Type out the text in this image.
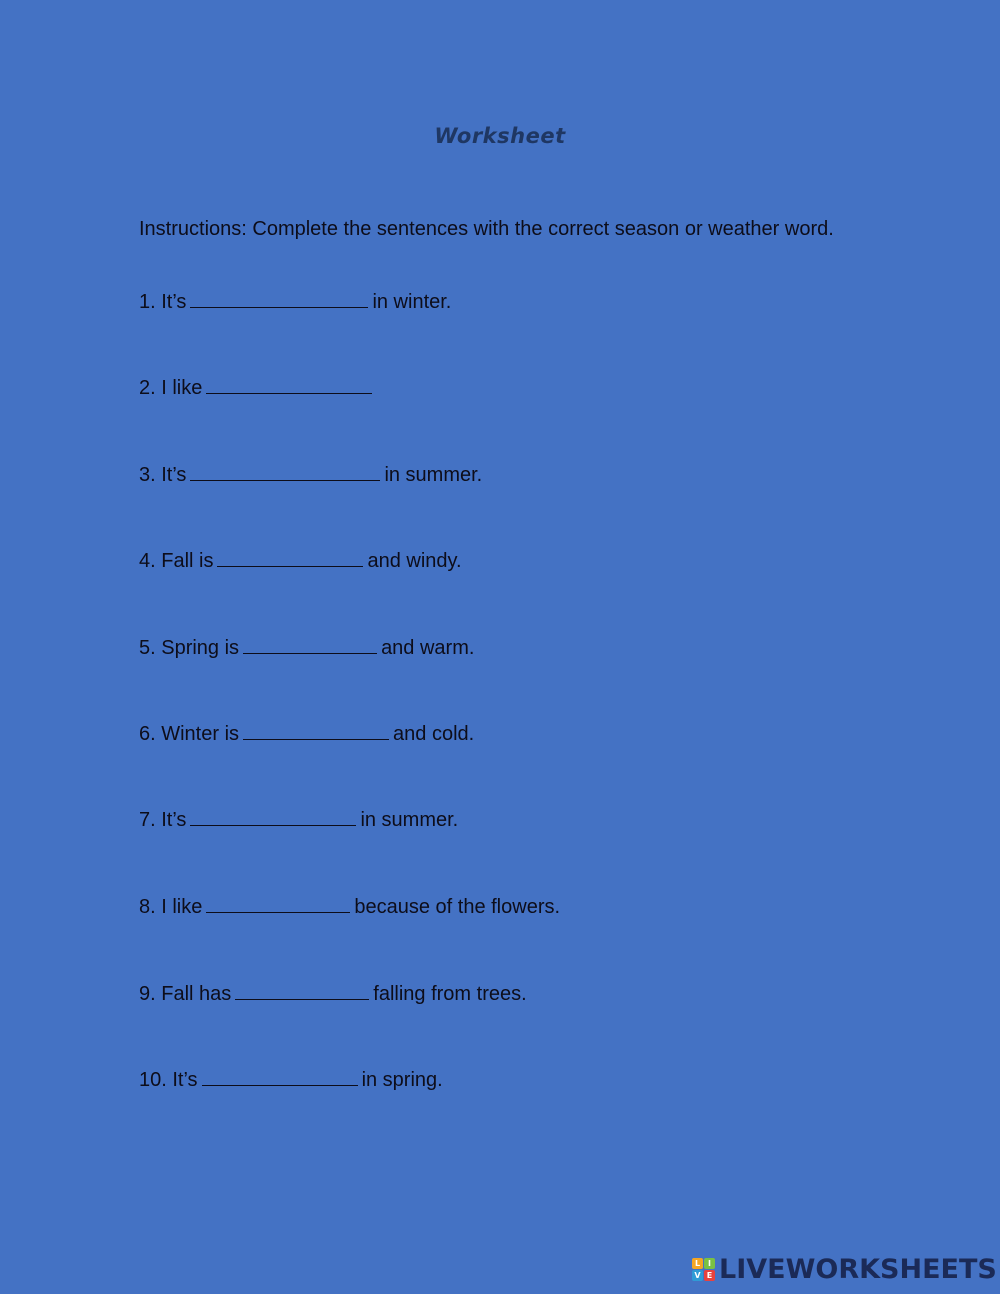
Worksheet
Instructions: Complete the sentences with the correct season or weather word.
1. It’s	in winter.
2. I like
3. It’s	in summer.
4. Fall is	and windy.
5. Spring is	and warm.
6. Winter is	and cold.
7. It’s	in summer.
8. I like	because of the flowers.
9. Fall has	falling from trees.
10. It’s	in spring.
L I
V E LIVEWORKSHEETS
